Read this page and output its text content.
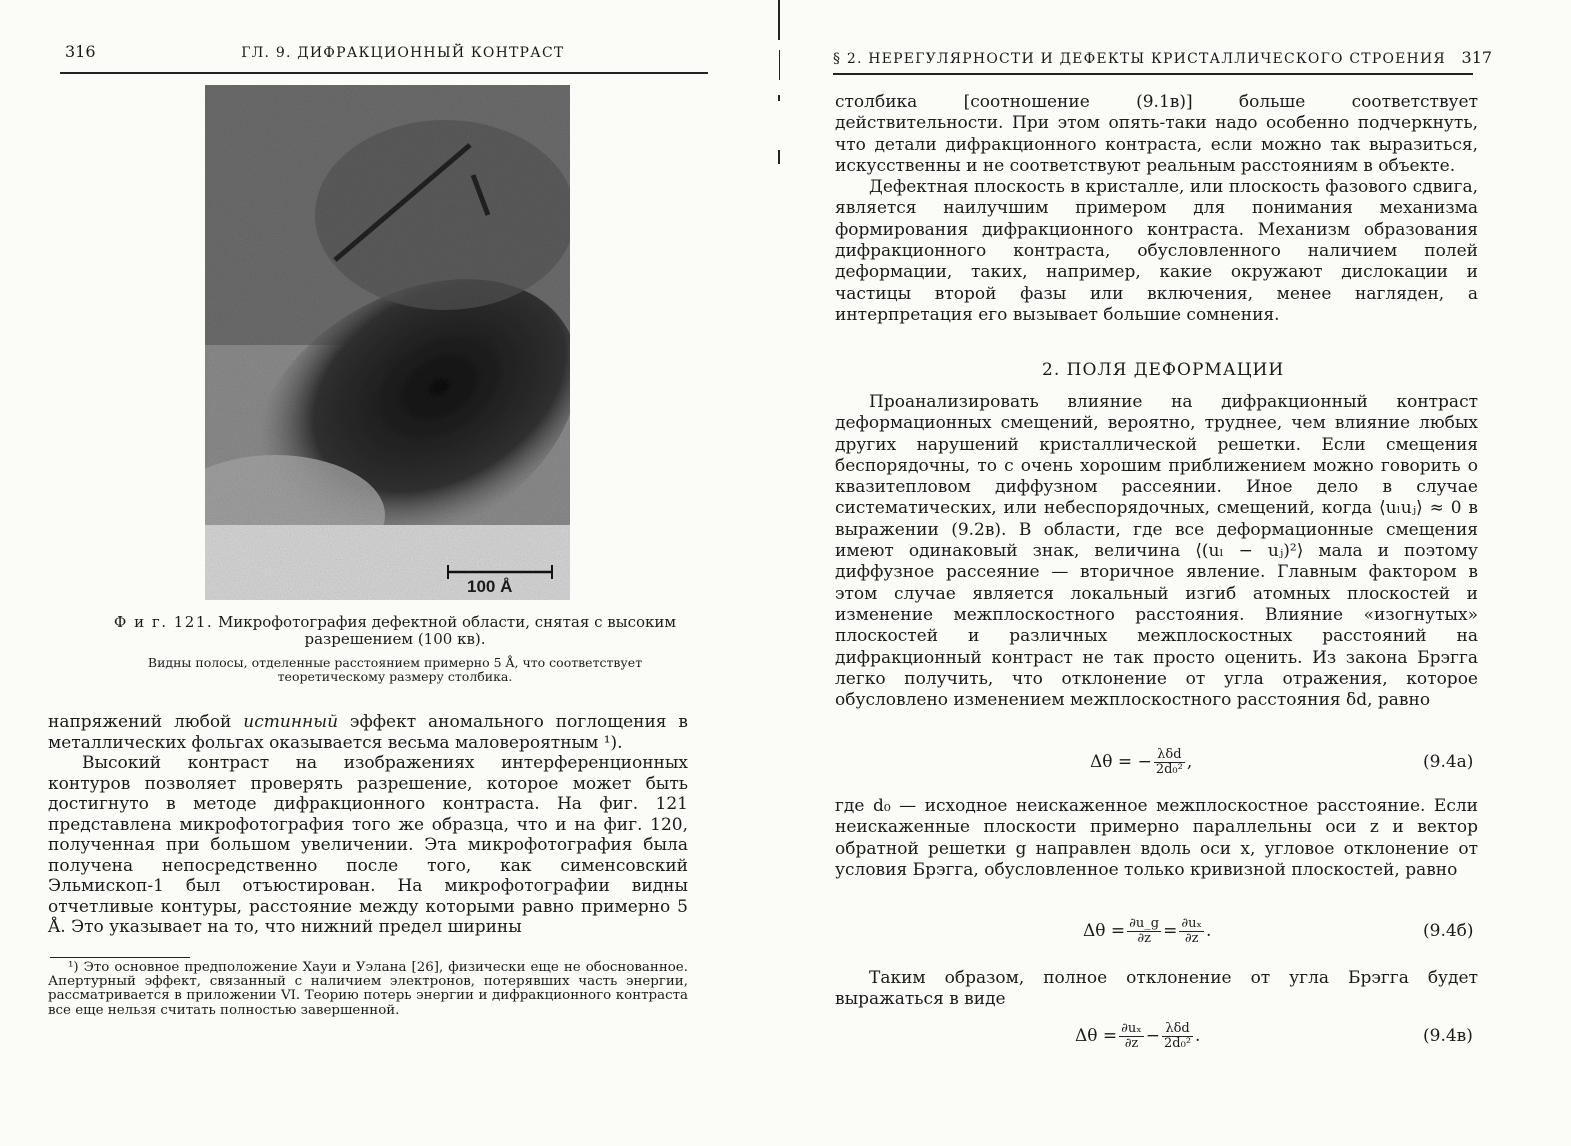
316	ГЛ. 9. ДИФРАКЦИОННЫЙ КОНТРАСТ
100 Å
Ф и г. 121. Микрофотография дефектной области, снятая с высоким разрешением (100 кв).
Видны полосы, отделенные расстоянием примерно 5 Å, что соответствует теоретическому размеру столбика.

напряжений любой истинный эффект аномального поглощения в металлических фольгах оказывается весьма маловероятным ¹).

Высокий контраст на изображениях интерференционных контуров позволяет проверять разрешение, которое может быть достигнуто в методе дифракционного контраста. На фиг. 121 представлена микрофотография того же образца, что и на фиг. 120, полученная при большом увеличении. Эта микрофотография была получена непосредственно после того, как сименсовский Эльмископ-1 был отъюстирован. На микрофотографии видны отчетливые контуры, расстояние между которыми равно примерно 5 Å. Это указывает на то, что нижний предел ширины

¹) Это основное предположение Хауи и Уэлана [26], физически еще не обоснованное. Апертурный эффект, связанный с наличием электронов, потерявших часть энергии, рассматривается в приложении VI. Теорию потерь энергии и дифракционного контраста все еще нельзя считать полностью завершенной.
§ 2. НЕРЕГУЛЯРНОСТИ И ДЕФЕКТЫ КРИСТАЛЛИЧЕСКОГО СТРОЕНИЯ 317

столбика [соотношение (9.1в)] больше соответствует действительности. При этом опять-таки надо особенно подчеркнуть, что детали дифракционного контраста, если можно так выразиться, искусственны и не соответствуют реальным расстояниям в объекте.

Дефектная плоскость в кристалле, или плоскость фазового сдвига, является наилучшим примером для понимания механизма формирования дифракционного контраста. Механизм образования дифракционного контраста, обусловленного наличием полей деформации, таких, например, какие окружают дислокации и частицы второй фазы или включения, менее нагляден, а интерпретация его вызывает большие сомнения.

2. ПОЛЯ ДЕФОРМАЦИИ

Проанализировать влияние на дифракционный контраст деформационных смещений, вероятно, труднее, чем влияние любых других нарушений кристаллической решетки. Если смещения беспорядочны, то с очень хорошим приближением можно говорить о квазитепловом диффузном рассеянии. Иное дело в случае систематических, или небеспорядочных, смещений, когда ⟨uₗuⱼ⟩ ≈ 0 в выражении (9.2в). В области, где все деформационные смещения имеют одинаковый знак, величина ⟨(uₗ − uⱼ)²⟩ мала и поэтому диффузное рассеяние — вторичное явление. Главным фактором в этом случае является локальный изгиб атомных плоскостей и изменение межплоскостного расстояния. Влияние «изогнутых» плоскостей и различных межплоскостных расстояний на дифракционный контраст не так просто оценить. Из закона Брэгга легко получить, что отклонение от угла отражения, которое обусловлено изменением межплоскостного расстояния δd, равно

Δθ = − $\frac{\text{λδd}}{\text{2d₀²}}$ ,	(9.4а)
где d₀ — исходное неискаженное межплоскостное расстояние. Если неискаженные плоскости примерно параллельны оси z и вектор обратной решетки g направлен вдоль оси x, угловое отклонение от условия Брэгга, обусловленное только кривизной плоскостей, равно
$\Delta\theta = \frac{\partial u\_g}{\partial z} = \frac{\text{∂uₓ}}{\partial z}$ .	(9.4б)
Таким образом, полное отклонение от угла Брэгга будет выражаться в виде
$\Delta\theta = \frac{\text{∂uₓ}}{\partial z} - \frac{\text{λδd}}{\text{2d₀²}}$ .	(9.4в)
